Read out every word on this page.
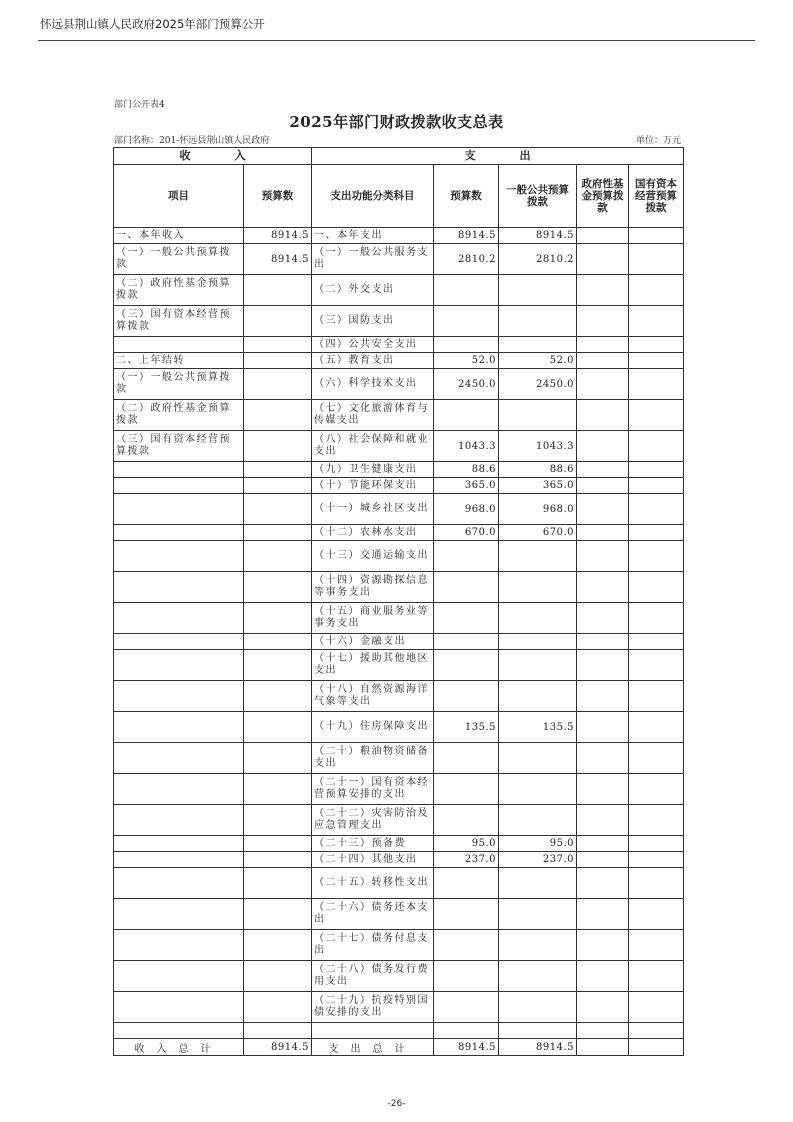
怀远县荆山镇人民政府2025年部门预算公开
部门公开表4
2025年部门财政拨款收支总表
部门名称：201-怀远县荆山镇人民政府	单位：万元
收　　　　入		支　　　　出				
项目	预算数	支出功能分类科目	预算数	一般公共预算拨款	政府性基金预算拨款	国有资本经营预算拨款
一、本年收入	8914.5	一、本年支出	8914.5	8914.5		
（一）一般公共预算拨款	8914.5	（一）一般公共服务支出	2810.2	2810.2		
（二）政府性基金预算拨款		（二）外交支出				
（三）国有资本经营预算拨款		（三）国防支出				
		（四）公共安全支出				
二、上年结转		（五）教育支出	52.0	52.0		
（一）一般公共预算拨款		（六）科学技术支出	2450.0	2450.0		
（二）政府性基金预算拨款		（七）文化旅游体育与传媒支出				
（三）国有资本经营预算拨款		（八）社会保障和就业支出	1043.3	1043.3		
		（九）卫生健康支出	88.6	88.6		
		（十）节能环保支出	365.0	365.0		
		（十一）城乡社区支出	968.0	968.0		
		（十二）农林水支出	670.0	670.0		
		（十三）交通运输支出				
		（十四）资源勘探信息等事务支出				
		（十五）商业服务业等事务支出				
		（十六）金融支出				
		（十七）援助其他地区支出				
		（十八）自然资源海洋气象等支出				
		（十九）住房保障支出	135.5	135.5		
		（二十）粮油物资储备支出				
		（二十一）国有资本经营预算安排的支出				
		（二十二）灾害防治及应急管理支出				
		（二十三）预备费	95.0	95.0		
		（二十四）其他支出	237.0	237.0		
		（二十五）转移性支出				
		（二十六）债务还本支出				
		（二十七）债务付息支出				
		（二十八）债务发行费用支出				
		（二十九）抗疫特别国债安排的支出				

收入总计	8914.5	支出总计	8914.5	8914.5		
-26-
